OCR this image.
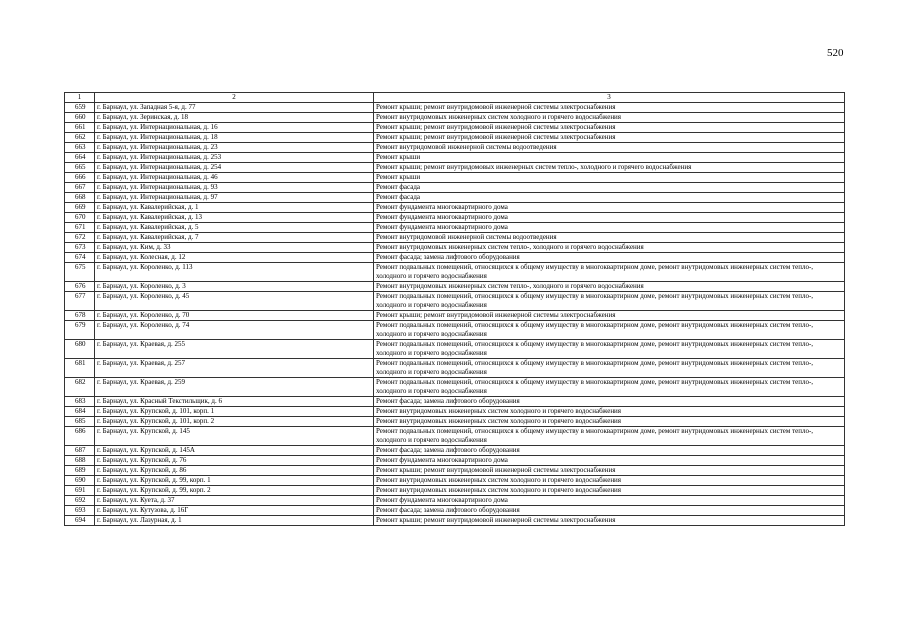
520
1	2	3
659	г. Барнаул, ул. Западная 5-я, д. 77	Ремонт крыши; ремонт внутридомовой инженерной системы электроснабжения
660	г. Барнаул, ул. Зеринская, д. 18	Ремонт внутридомовых инженерных систем холодного и горячего водоснабжения
661	г. Барнаул, ул. Интернациональная, д. 16	Ремонт крыши; ремонт внутридомовой инженерной системы электроснабжения
662	г. Барнаул, ул. Интернациональная, д. 18	Ремонт крыши; ремонт внутридомовой инженерной системы электроснабжения
663	г. Барнаул, ул. Интернациональная, д. 23	Ремонт внутридомовой инженерной системы водоотведения
664	г. Барнаул, ул. Интернациональная, д. 253	Ремонт крыши
665	г. Барнаул, ул. Интернациональная, д. 254	Ремонт крыши; ремонт внутридомовых инженерных систем тепло-, холодного и горячего водоснабжения
666	г. Барнаул, ул. Интернациональная, д. 46	Ремонт крыши
667	г. Барнаул, ул. Интернациональная, д. 93	Ремонт фасада
668	г. Барнаул, ул. Интернациональная, д. 97	Ремонт фасада
669	г. Барнаул, ул. Кавалерийская, д. 1	Ремонт фундамента многоквартирного дома
670	г. Барнаул, ул. Кавалерийская, д. 13	Ремонт фундамента многоквартирного дома
671	г. Барнаул, ул. Кавалерийская, д. 5	Ремонт фундамента многоквартирного дома
672	г. Барнаул, ул. Кавалерийская, д. 7	Ремонт внутридомовой инженерной системы водоотведения
673	г. Барнаул, ул. Ким, д. 33	Ремонт внутридомовых инженерных систем тепло-, холодного и горячего водоснабжения
674	г. Барнаул, ул. Колесная, д. 12	Ремонт фасада; замена лифтового оборудования
675	г. Барнаул, ул. Короленко, д. 113	Ремонт подвальных помещений, относящихся к общему имуществу в многоквартирном доме, ремонт внутридомовых инженерных систем тепло-, холодного и горячего водоснабжения
676	г. Барнаул, ул. Короленко, д. 3	Ремонт внутридомовых инженерных систем тепло-, холодного и горячего водоснабжения
677	г. Барнаул, ул. Короленко, д. 45	Ремонт подвальных помещений, относящихся к общему имуществу в многоквартирном доме, ремонт внутридомовых инженерных систем тепло-, холодного и горячего водоснабжения
678	г. Барнаул, ул. Короленко, д. 70	Ремонт крыши; ремонт внутридомовой инженерной системы электроснабжения
679	г. Барнаул, ул. Короленко, д. 74	Ремонт подвальных помещений, относящихся к общему имуществу в многоквартирном доме, ремонт внутридомовых инженерных систем тепло-, холодного и горячего водоснабжения
680	г. Барнаул, ул. Краевая, д. 255	Ремонт подвальных помещений, относящихся к общему имуществу в многоквартирном доме, ремонт внутридомовых инженерных систем тепло-, холодного и горячего водоснабжения
681	г. Барнаул, ул. Краевая, д. 257	Ремонт подвальных помещений, относящихся к общему имуществу в многоквартирном доме, ремонт внутридомовых инженерных систем тепло-, холодного и горячего водоснабжения
682	г. Барнаул, ул. Краевая, д. 259	Ремонт подвальных помещений, относящихся к общему имуществу в многоквартирном доме, ремонт внутридомовых инженерных систем тепло-, холодного и горячего водоснабжения
683	г. Барнаул, ул. Красный Текстильщик, д. 6	Ремонт фасада; замена лифтового оборудования
684	г. Барнаул, ул. Крупской, д. 101, корп. 1	Ремонт внутридомовых инженерных систем холодного и горячего водоснабжения
685	г. Барнаул, ул. Крупской, д. 101, корп. 2	Ремонт внутридомовых инженерных систем холодного и горячего водоснабжения
686	г. Барнаул, ул. Крупской, д. 145	Ремонт подвальных помещений, относящихся к общему имуществу в многоквартирном доме, ремонт внутридомовых инженерных систем тепло-, холодного и горячего водоснабжения
687	г. Барнаул, ул. Крупской, д. 145А	Ремонт фасада; замена лифтового оборудования
688	г. Барнаул, ул. Крупской, д. 76	Ремонт фундамента многоквартирного дома
689	г. Барнаул, ул. Крупской, д. 86	Ремонт крыши; ремонт внутридомовой инженерной системы электроснабжения
690	г. Барнаул, ул. Крупской, д. 99, корп. 1	Ремонт внутридомовых инженерных систем холодного и горячего водоснабжения
691	г. Барнаул, ул. Крупской, д. 99, корп. 2	Ремонт внутридомовых инженерных систем холодного и горячего водоснабжения
692	г. Барнаул, ул. Куета, д. 37	Ремонт фундамента многоквартирного дома
693	г. Барнаул, ул. Кутузова, д. 16Г	Ремонт фасада; замена лифтового оборудования
694	г. Барнаул, ул. Лазурная, д. 1	Ремонт крыши; ремонт внутридомовой инженерной системы электроснабжения
